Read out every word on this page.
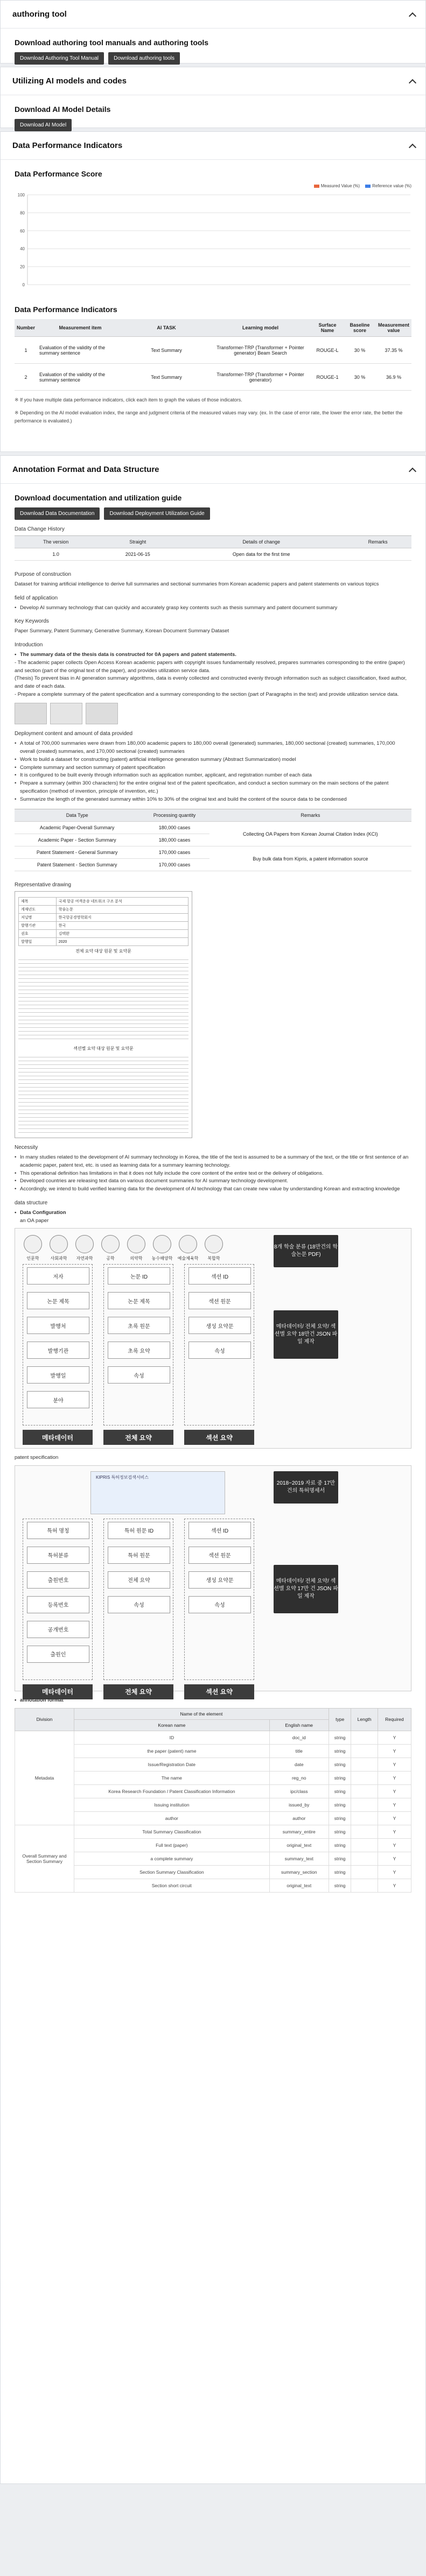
authoring tool
Download authoring tool manuals and authoring tools
Download Authoring Tool Manual	Download authoring tools
Utilizing AI models and codes
Download AI Model Details
Download AI Model
Data Performance Indicators
Data Performance Score
Measured Value (%)	Reference value (%)
100
80
60
40
20
0
Data Performance Indicators
Number	Measurement item	AI TASK	Learning model	Surface Name	Baseline score	Measurement value
1	Evaluation of the validity of the summary sentence	Text Summary	Transformer-TRP (Transformer + Pointer generator) Beam Search	ROUGE-L	30 %	37.35 %
2	Evaluation of the validity of the summary sentence	Text Summary	Transformer-TRP (Transformer + Pointer generator)	ROUGE-1	30 %	36.9 %
※ If you have multiple data performance indicators, click each item to graph the values of those indicators.
※ Depending on the AI model evaluation index, the range and judgment criteria of the measured values may vary. (ex. In the case of error rate, the lower the error rate, the better the performance is evaluated.)
Annotation Format and Data Structure
Download documentation and utilization guide
Download Data Documentation	Download Deployment Utilization Guide
Data Change History
The version	Straight	Details of change	Remarks
1.0	2021-06-15	Open data for the first time	
Purpose of construction
Dataset for training artificial intelligence to derive full summaries and sectional summaries from Korean academic papers and patent statements on various topics
field of application
• Develop AI summary technology that can quickly and accurately grasp key contents such as thesis summary and patent document summary
Key Keywords
Paper Summary, Patent Summary, Generative Summary, Korean Document Summary Dataset
Introduction
• The summary data of the thesis data is constructed for 0A papers and patent statements.
- The academic paper collects Open Access Korean academic papers with copyright issues fundamentally resolved, prepares summaries corresponding to the entire (paper) and section (part of the original text of the paper), and provides utilization service data.
(Thesis) To prevent bias in AI generation summary algorithms, data is evenly collected and constructed evenly through information such as subject classification, fixed author, and date of each data.
- Prepare a complete summary of the patent specification and a summary corresponding to the section (part of Paragraphs in the text) and provide utilization service data.
Deployment content and amount of data provided
• A total of 700,000 summaries were drawn from 180,000 academic papers to 180,000 overall (generated) summaries, 180,000 sectional (created) summaries, 170,000 overall (created) summaries, and 170,000 sectional (created) summaries
• Work to build a dataset for constructing (patent) artificial intelligence generation summary (Abstract Summarization) model
• Complete summary and section summary of patent specification
• It is configured to be built evenly through information such as application number, applicant, and registration number of each data
• Prepare a summary (within 300 characters) for the entire original text of the patent specification, and conduct a section summary on the main sections of the patent specification (method of invention, principle of invention, etc.)
• Summarize the length of the generated summary within 10% to 30% of the original text and build the content of the source data to be condensed
Data Type	Processing quantity	Remarks
Academic Paper-Overall Summary	180,000 cases	Collecting OA Papers from Korean Journal Citation Index (KCI)
Academic Paper - Section Summary	180,000 cases	
Patent Statement - General Summary	170,000 cases	Buy bulk data from Kipris, a patent information source
Patent Statement - Section Summary	170,000 cases	
Representative drawing
제목	국제 항공 여객운송 네트워크 구조 분석
게재년도	학술논문
저널명	한국항공경영학회지
발행기관	한국
권호	김택완
발행일	2020
전체 요약 대상 원문 및 요약문
섹션별 요약 대상 원문 및 요약문
Necessity
• In many studies related to the development of AI summary technology in Korea, the title of the text is assumed to be a summary of the text, or the title or first sentence of an academic paper, patent text, etc. is used as learning data for a summary learning technology.
• This operational definition has limitations in that it does not fully include the core content of the entire text or the delivery of obligations.
• Developed countries are releasing text data on various document summaries for AI summary technology development.
• Accordingly, we intend to build verified learning data for the development of AI technology that can create new value by understanding Korean and extracting knowledge
data structure
• Data Configuration
an OA paper
인문학	사회과학	자연과학	공학	의약학	농수해양학	예술체육학	복합학
저자
논문 제목
발행처
발행기관
발행일
분야
논문 ID
논문 제목
초록 원문
초록 요약
속성
섹션 ID
섹션 원문
생성 요약문
속성
메타데이터	전체 요약	섹션 요약
8개 학술 분류 (18만건의 학술논문 PDF)
메타데이터/ 전체 요약/ 섹션별 요약 18만건 JSON 파일 제작
patent specification
KIPRIS 특허정보검색서비스
특허 명칭
특허분류
출원번호
등록번호
공개번호
출원인
특허 원문 ID
특허 원문
전체 요약
속성
섹션 ID
섹션 원문
생성 요약문
속성
메타데이터	전체 요약	섹션 요약
2018~2019 자료 중 17만 건의 특허명세서
메타데이터/ 전체 요약/ 섹션별 요약 17만 건 JSON 파일 제작
• annotation format
Division	Name of the element		type	Length	Required
	Korean name	English name			
Metadata	ID	doc_id	string		Y
	the paper (patent) name	title	string		Y
	Issue/Registration Date	date	string		Y
	The name	reg_no	string		Y
	Korea Research Foundation / Patent Classification Information	ipc/class	string		Y
	Issuing institution	issued_by	string		Y
	author	author	string		Y
Overall Summary and Section Summary	Total Summary Classification	summary_entire	string		Y
	Full text (paper)	original_text	string		Y
	a complete summary	summary_text	string		Y
	Section Summary Classification	summary_section	string		Y
	Section short circuit	original_text	string		Y
